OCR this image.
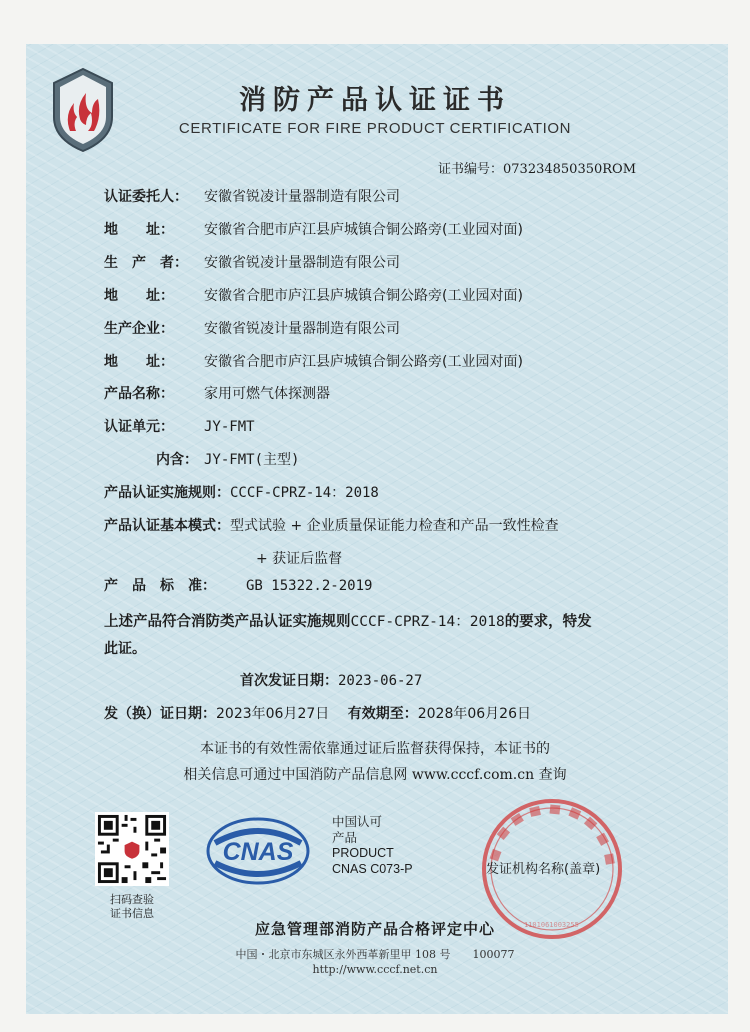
消防产品认证证书
CERTIFICATE FOR FIRE PRODUCT CERTIFICATION
证书编号：073234850350ROM
认证委托人： 安徽省锐凌计量器制造有限公司
地　　址： 安徽省合肥市庐江县庐城镇合铜公路旁(工业园对面)
生　产　者： 安徽省锐凌计量器制造有限公司
地　　址： 安徽省合肥市庐江县庐城镇合铜公路旁(工业园对面)
生产企业： 安徽省锐凌计量器制造有限公司
地　　址： 安徽省合肥市庐江县庐城镇合铜公路旁(工业园对面)
产品名称： 家用可燃气体探测器
认证单元： JY-FMT
内含： JY-FMT(主型)
产品认证实施规则：CCCF-CPRZ-14：2018
产品认证基本模式：型式试验 + 企业质量保证能力检查和产品一致性检查
+ 获证后监督
产　品　标　准： GB 15322.2-2019
上述产品符合消防类产品认证实施规则CCCF-CPRZ-14：2018的要求，特发
此证。
首次发证日期：2023-06-27
发（换）证日期：2023年06月27日 有效期至：2028年06月26日
本证书的有效性需依靠通过证后监督获得保持，本证书的
相关信息可通过中国消防产品信息网 www.cccf.com.cn 查询
扫码查验
证书信息
CNAS
中国认可
产品
PRODUCT
CNAS C073-P
1101061003255
发证机构名称(盖章)
应急管理部消防产品合格评定中心
中国・北京市东城区永外西革新里甲 108 号　　100077
http://www.cccf.net.cn
